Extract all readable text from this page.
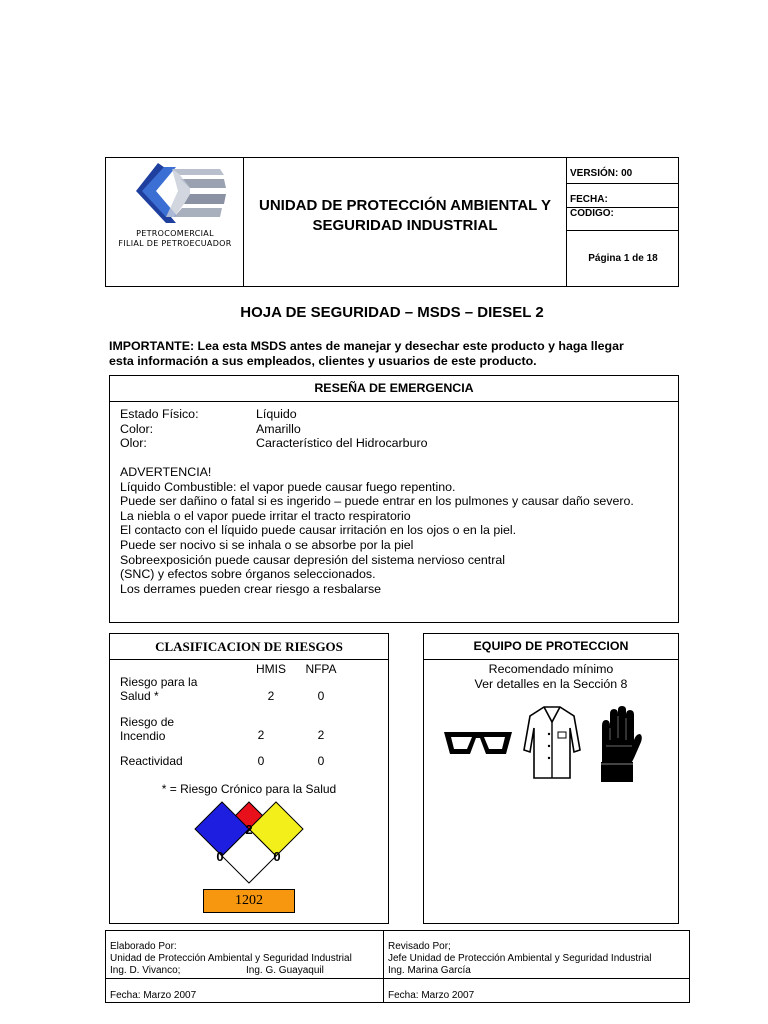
PETROCOMERCIAL
FILIAL DE PETROECUADOR
UNIDAD DE PROTECCIÓN AMBIENTAL Y
SEGURIDAD INDUSTRIAL
VERSIÓN: 00
FECHA:
CODIGO:
Página 1 de 18
HOJA DE SEGURIDAD – MSDS – DIESEL 2
IMPORTANTE: Lea esta MSDS antes de manejar y desechar este producto y haga llegar
esta información a sus empleados, clientes y usuarios de este producto.
RESEÑA DE EMERGENCIA
Estado Físico:	Líquido
Color:	Amarillo
Olor:	Característico del Hidrocarburo
ADVERTENCIA!
Líquido Combustible: el vapor puede causar fuego repentino.
Puede ser dañino o fatal si es ingerido – puede entrar en los pulmones y causar daño severo.
La niebla o el vapor puede irritar el tracto respiratorio
El contacto con el líquido puede causar irritación en los ojos o en la piel.
Puede ser nocivo si se inhala o se absorbe por la piel
Sobreexposición puede causar depresión del sistema nervioso central
(SNC) y efectos sobre órganos seleccionados.
Los derrames pueden crear riesgo a resbalarse
CLASIFICACION DE RIESGOS
HMIS	NFPA
Riesgo para la
Salud *	2	0
Riesgo de
Incendio	2	2
Reactividad	0	0
* = Riesgo Crónico para la Salud
2
0	0
1202
EQUIPO DE PROTECCION
Recomendado mínimo
Ver detalles en la Sección 8
Elaborado Por:
Unidad de Protección Ambiental y Seguridad Industrial
Ing. D. Vivanco;	Ing. G. Guayaquil
Fecha: Marzo 2007
Revisado Por;
Jefe Unidad de Protección Ambiental y Seguridad Industrial
Ing. Marina García
Fecha: Marzo 2007
